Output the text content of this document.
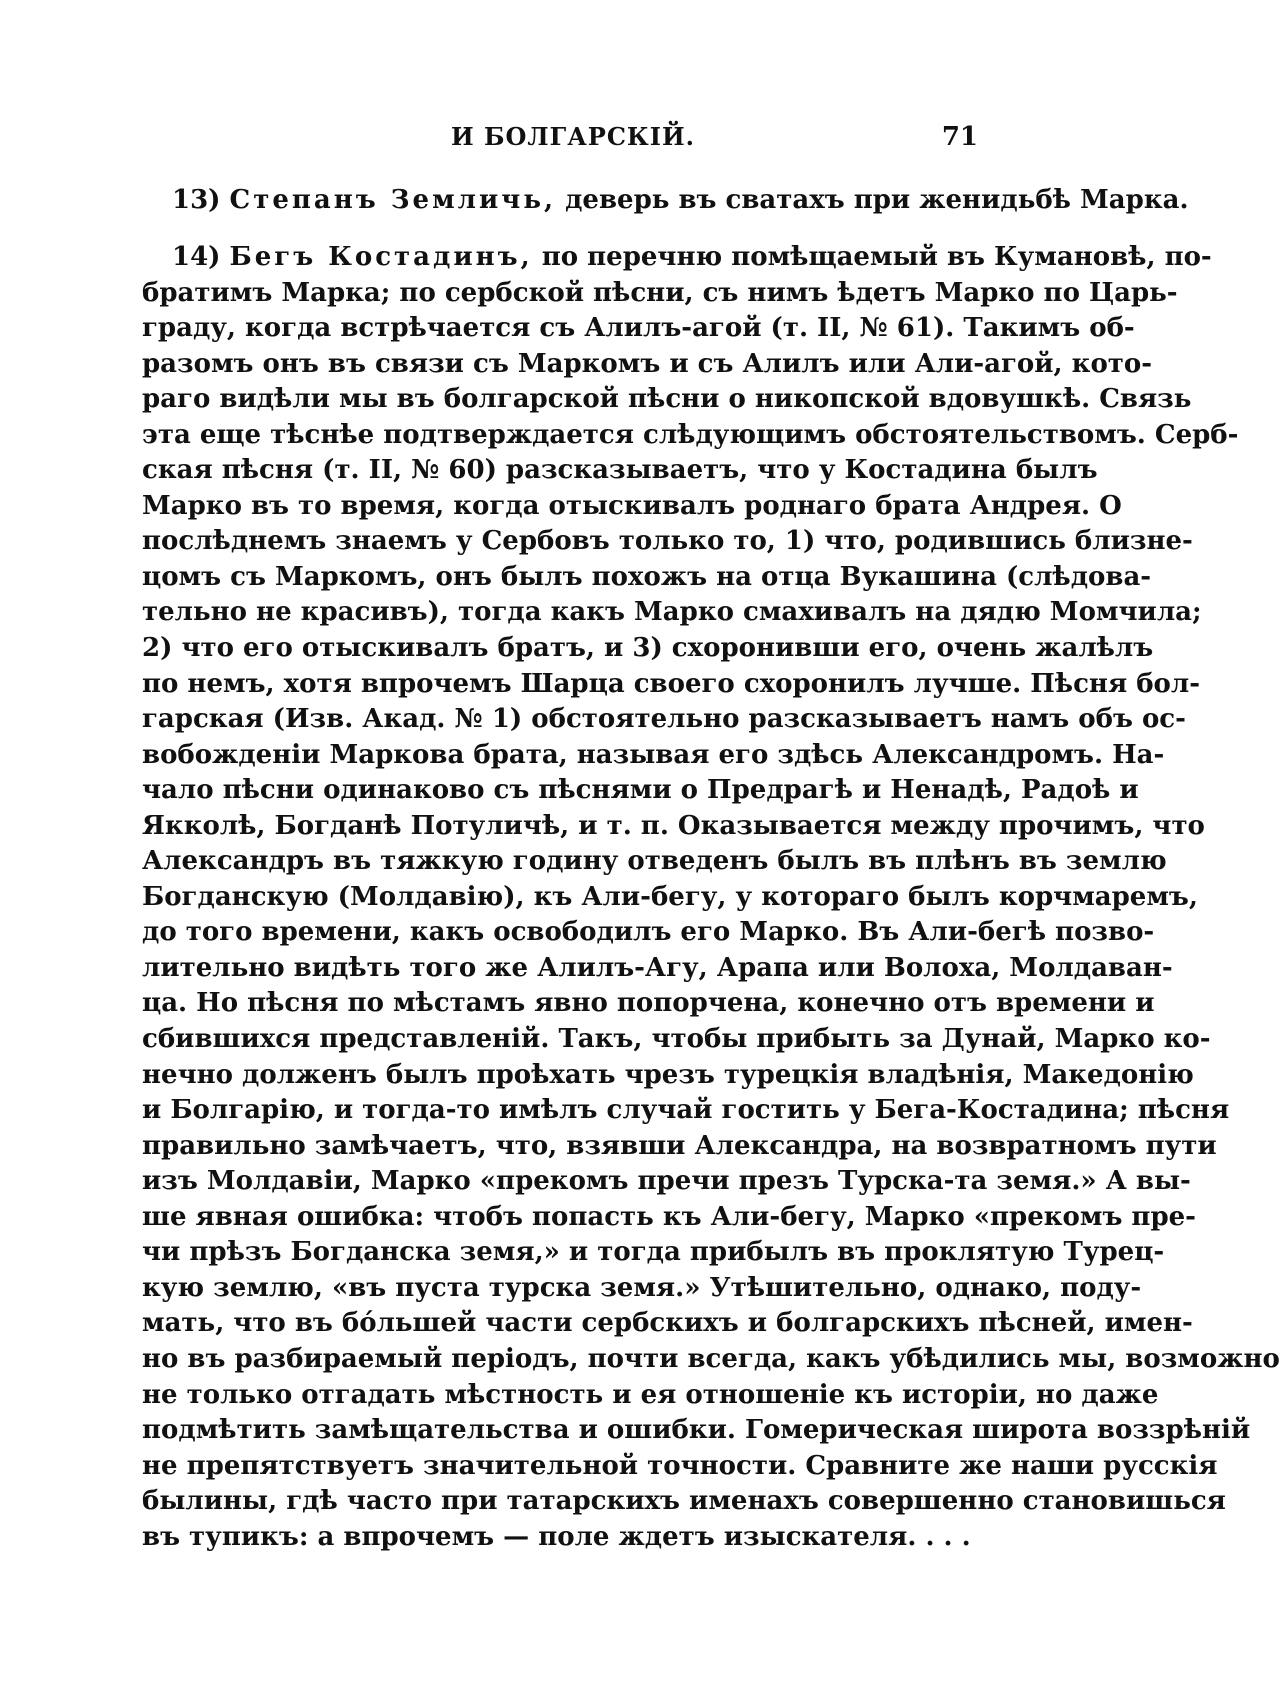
И БОЛГАРСКІЙ.	71

13) Степанъ Земличь, деверь въ сватахъ при женидьбѣ Марка.

14) Бегъ Костадинъ, по перечню помѣщаемый въ Кумановѣ, по-
братимъ Марка; по сербской пѣсни, съ нимъ ѣдетъ Марко по Царь-
граду, когда встрѣчается съ Алилъ-агой (т. II, № 61). Такимъ об-
разомъ онъ въ связи съ Маркомъ и съ Алилъ или Али-агой, кото-
раго видѣли мы въ болгарской пѣсни о никопской вдовушкѣ. Связь
эта еще тѣснѣе подтверждается слѣдующимъ обстоятельствомъ. Серб-
ская пѣсня (т. II, № 60) разсказываетъ, что у Костадина былъ
Марко въ то время, когда отыскивалъ роднаго брата Андрея. О
послѣднемъ знаемъ у Сербовъ только то, 1) что, родившись близне-
цомъ съ Маркомъ, онъ былъ похожъ на отца Вукашина (слѣдова-
тельно не красивъ), тогда какъ Марко смахивалъ на дядю Момчила;
2) что его отыскивалъ братъ, и 3) схоронивши его, очень жалѣлъ
по немъ, хотя впрочемъ Шарца своего схоронилъ лучше. Пѣсня бол-
гарская (Изв. Акад. № 1) обстоятельно разсказываетъ намъ объ ос-
вобожденіи Маркова брата, называя его здѣсь Александромъ. На-
чало пѣсни одинаково съ пѣснями о Предрагѣ и Ненадѣ, Радоѣ и
Якколѣ, Богданѣ Потуличѣ, и т. п. Оказывается между прочимъ, что
Александръ въ тяжкую годину отведенъ былъ въ плѣнъ въ землю
Богданскую (Молдавію), къ Али-бегу, у котораго былъ корчмаремъ,
до того времени, какъ освободилъ его Марко. Въ Али-бегѣ позво-
лительно видѣть того же Алилъ-Агу, Арапа или Волоха, Молдаван-
ца. Но пѣсня по мѣстамъ явно попорчена, конечно отъ времени и
сбившихся представленій. Такъ, чтобы прибыть за Дунай, Марко ко-
нечно долженъ былъ проѣхать чрезъ турецкія владѣнія, Македонію
и Болгарію, и тогда-то имѣлъ случай гостить у Бега-Костадина; пѣсня
правильно замѣчаетъ, что, взявши Александра, на возвратномъ пути
изъ Молдавіи, Марко «прекомъ пречи презъ Турска-та земя.» А вы-
ше явная ошибка: чтобъ попасть къ Али-бегу, Марко «прекомъ пре-
чи прѣзъ Богданска земя,» и тогда прибылъ въ проклятую Турец-
кую землю, «въ пуста турска земя.» Утѣшительно, однако, поду-
мать, что въ бóльшей части сербскихъ и болгарскихъ пѣсней, имен-
но въ разбираемый періодъ, почти всегда, какъ убѣдились мы, возможно
не только отгадать мѣстность и ея отношеніе къ исторіи, но даже
подмѣтить замѣщательства и ошибки. Гомерическая широта воззрѣній
не препятствуетъ значительной точности. Сравните же наши русскія
былины, гдѣ часто при татарскихъ именахъ совершенно становишься
въ тупикъ: а впрочемъ — поле ждетъ изыскателя. . . .
